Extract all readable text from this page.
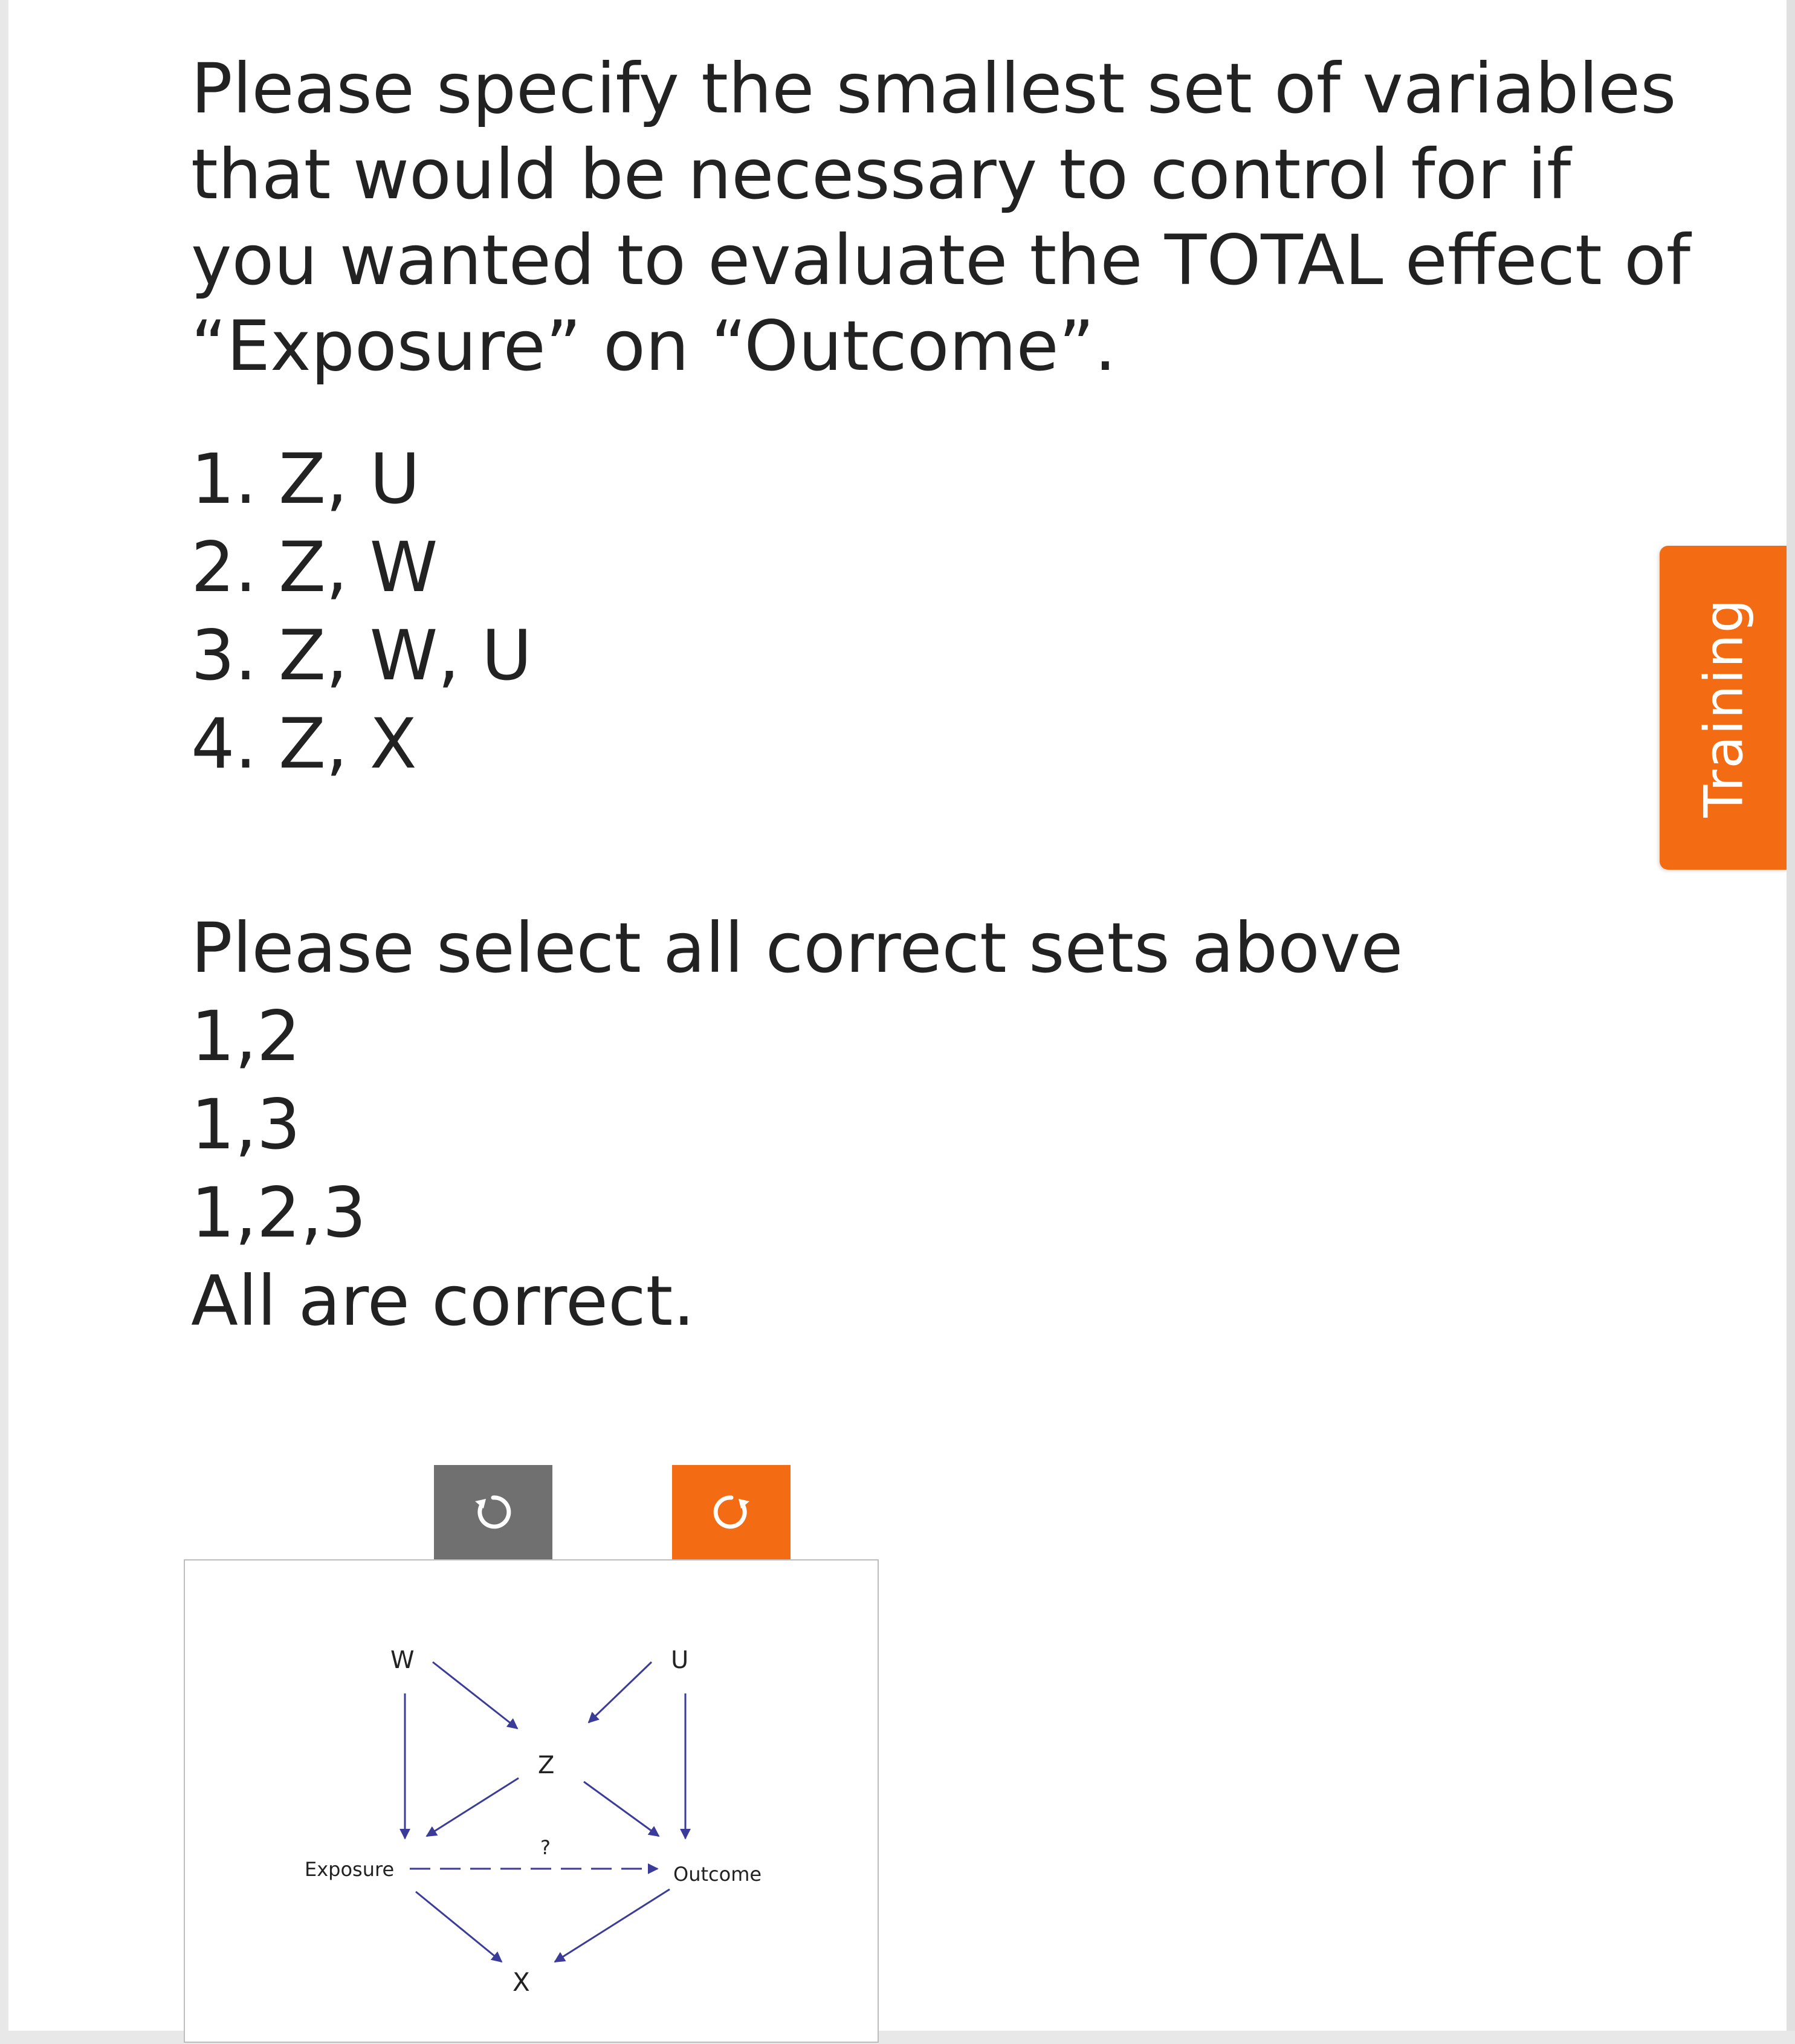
Please specify the smallest set of variables
that would be necessary to control for if
you wanted to evaluate the TOTAL effect of
“Exposure” on “Outcome”.
1. Z, U
2. Z, W
3. Z, W, U
4. Z, X
Please select all correct sets above
1,2
1,3
1,2,3
All are correct.
W	U
Z
Exposure	Outcome
X
?
Training
